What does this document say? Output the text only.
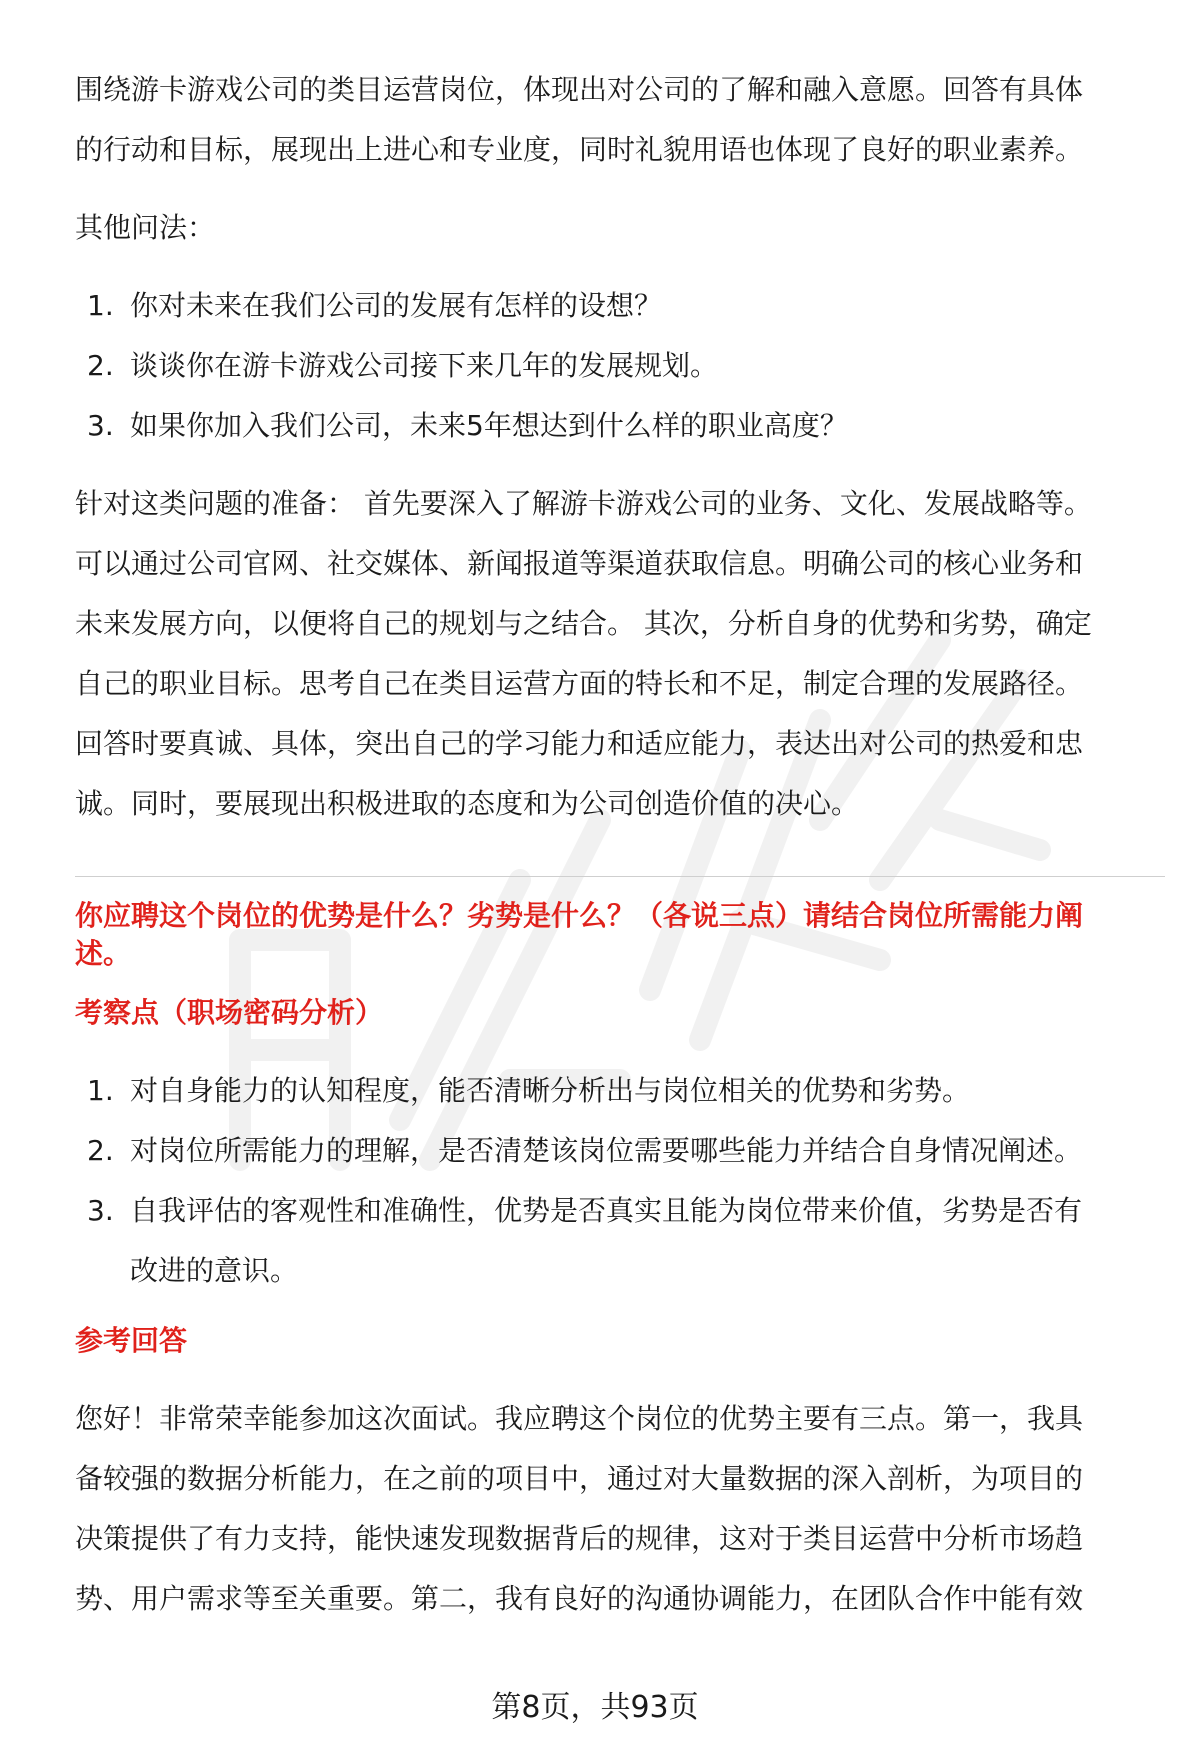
围绕游卡游戏公司的类目运营岗位，体现出对公司的了解和融入意愿。回答有具体

的行动和目标，展现出上进心和专业度，同时礼貌用语也体现了良好的职业素养。

其他问法：

1. 你对未来在我们公司的发展有怎样的设想？
2. 谈谈你在游卡游戏公司接下来几年的发展规划。
3. 如果你加入我们公司，未来5年想达到什么样的职业高度？

针对这类问题的准备： 首先要深入了解游卡游戏公司的业务、文化、发展战略等。

可以通过公司官网、社交媒体、新闻报道等渠道获取信息。明确公司的核心业务和

未来发展方向，以便将自己的规划与之结合。 其次，分析自身的优势和劣势，确定

自己的职业目标。思考自己在类目运营方面的特长和不足，制定合理的发展路径。

回答时要真诚、具体，突出自己的学习能力和适应能力，表达出对公司的热爱和忠

诚。同时，要展现出积极进取的态度和为公司创造价值的决心。

你应聘这个岗位的优势是什么？劣势是什么？（各说三点）请结合岗位所需能力阐

述。

考察点（职场密码分析）

1. 对自身能力的认知程度，能否清晰分析出与岗位相关的优势和劣势。
2. 对岗位所需能力的理解，是否清楚该岗位需要哪些能力并结合自身情况阐述。
3. 自我评估的客观性和准确性，优势是否真实且能为岗位带来价值，劣势是否有
改进的意识。

参考回答

您好！非常荣幸能参加这次面试。我应聘这个岗位的优势主要有三点。第一，我具

备较强的数据分析能力，在之前的项目中，通过对大量数据的深入剖析，为项目的

决策提供了有力支持，能快速发现数据背后的规律，这对于类目运营中分析市场趋

势、用户需求等至关重要。第二，我有良好的沟通协调能力，在团队合作中能有效

第8页，共93页
